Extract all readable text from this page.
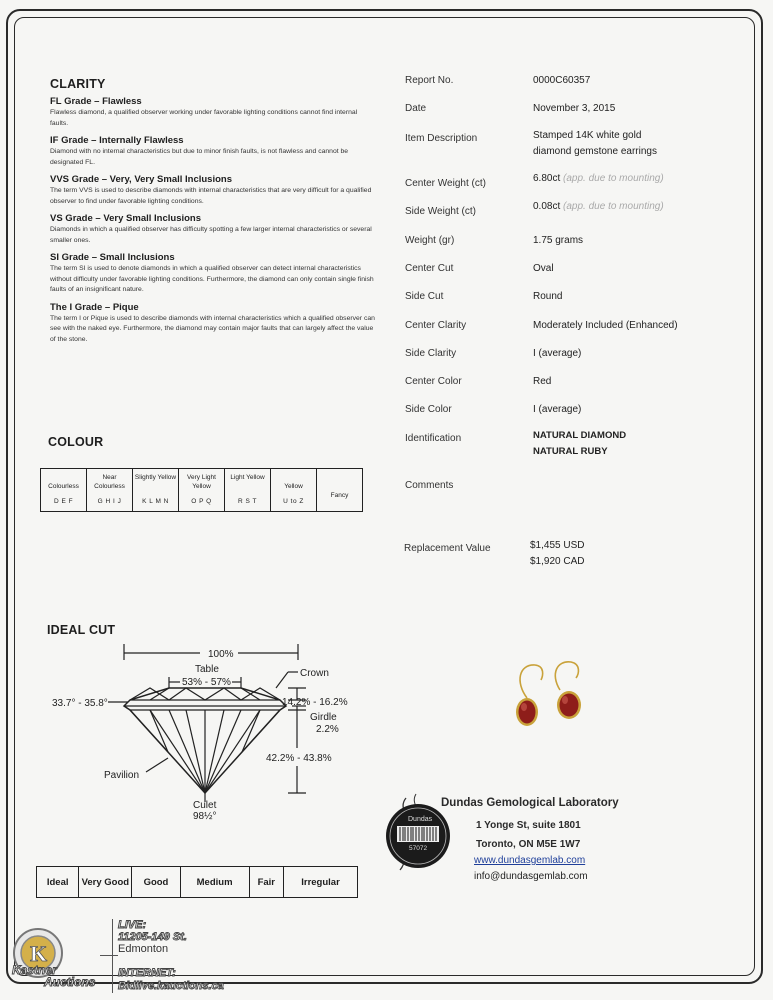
CLARITY

FL Grade – Flawless

Flawless diamond, a qualified observer working under favorable lighting conditions cannot find internal faults.

IF Grade – Internally Flawless

Diamond with no internal characteristics but due to minor finish faults, is not flawless and cannot be designated FL.

VVS Grade – Very, Very Small Inclusions

The term VVS is used to describe diamonds with internal characteristics that are very difficult for a qualified observer to find under favorable lighting conditions.

VS Grade – Very Small Inclusions

Diamonds in which a qualified observer has difficulty spotting a few larger internal characteristics or several smaller ones.

SI Grade – Small Inclusions

The term SI is used to denote diamonds in which a qualified observer can detect internal characteristics without difficulty under favorable lighting conditions. Furthermore, the diamond can only contain single finish faults of an insignificant nature.

The I Grade – Pique

The term I or Pique is used to describe diamonds with internal characteristics which a qualified observer can see with the naked eye. Furthermore, the diamond may contain major faults that can largely affect the value of the stone.

COLOUR
Colourless
D E F

Near Colourless
G H I J

Slightly Yellow
K L M N

Very Light Yellow
O P Q

Light Yellow
R S T

Yellow
U to Z

Fancy
IDEAL CUT
100%
Table
53% - 57%
Crown
33.7° - 35.8°	14.2% - 16.2%
Girdle
2.2%
42.2% - 43.8%
Pavilion
Culet
98½°
Ideal	Very Good	Good	Medium	Fair	Irregular
Report No.	0000C60357
Date	November 3, 2015
Item Description	Stamped 14K white gold
diamond gemstone earrings
Center Weight (ct)	6.80ct (app. due to mounting)
Side Weight (ct)	0.08ct (app. due to mounting)
Weight (gr)	1.75 grams
Center Cut	Oval
Side Cut	Round
Center Clarity	Moderately Included (Enhanced)
Side Clarity	I (average)
Center Color	Red
Side Color	I (average)
Identification	NATURAL DIAMOND
NATURAL RUBY
Comments
Replacement Value	$1,455 USD
$1,920 CAD
Dundas
57072
Dundas Gemological Laboratory
1 Yonge St, suite 1801
Toronto, ON M5E 1W7
www.dundasgemlab.com
info@dundasgemlab.com
K
Kastner
Auctions
LIVE:
11205-149 St.
Edmonton
INTERNET:
Bidlive.kauctions.ca
